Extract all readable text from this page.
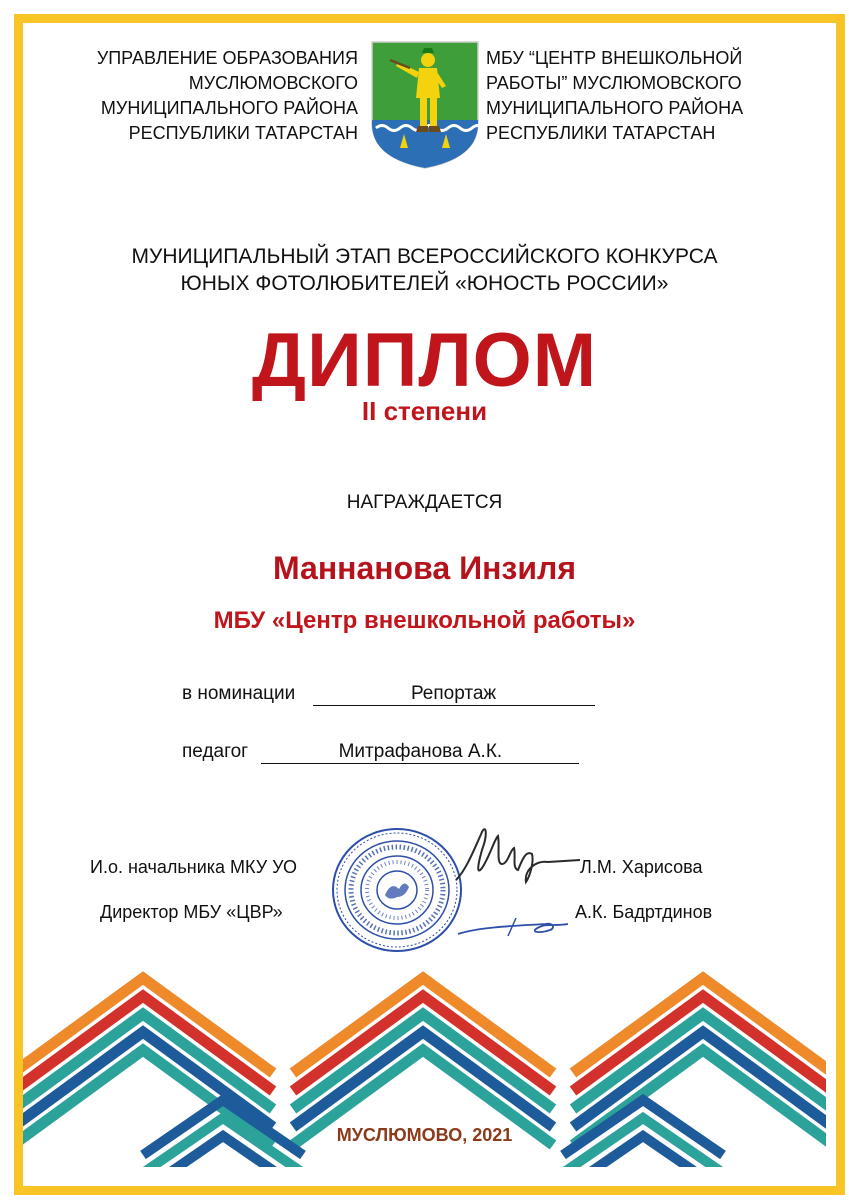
УПРАВЛЕНИЕ ОБРАЗОВАНИЯ
МУСЛЮМОВСКОГО
МУНИЦИПАЛЬНОГО РАЙОНА
РЕСПУБЛИКИ ТАТАРСТАН
МБУ “ЦЕНТР ВНЕШКОЛЬНОЙ
РАБОТЫ” МУСЛЮМОВСКОГО
МУНИЦИПАЛЬНОГО РАЙОНА
РЕСПУБЛИКИ ТАТАРСТАН
МУНИЦИПАЛЬНЫЙ ЭТАП ВСЕРОССИЙСКОГО КОНКУРСА
ЮНЫХ ФОТОЛЮБИТЕЛЕЙ «ЮНОСТЬ РОССИИ»
ДИПЛОМ
II степени
НАГРАЖДАЕТСЯ
Маннанова Инзиля
МБУ «Центр внешкольной работы»
в номинации	Репортаж
педагог	Митрафанова А.К.
И.о. начальника МКУ УО	Л.М. Харисова
Директор МБУ «ЦВР»	А.К. Бадртдинов
МУСЛЮМОВО, 2021
